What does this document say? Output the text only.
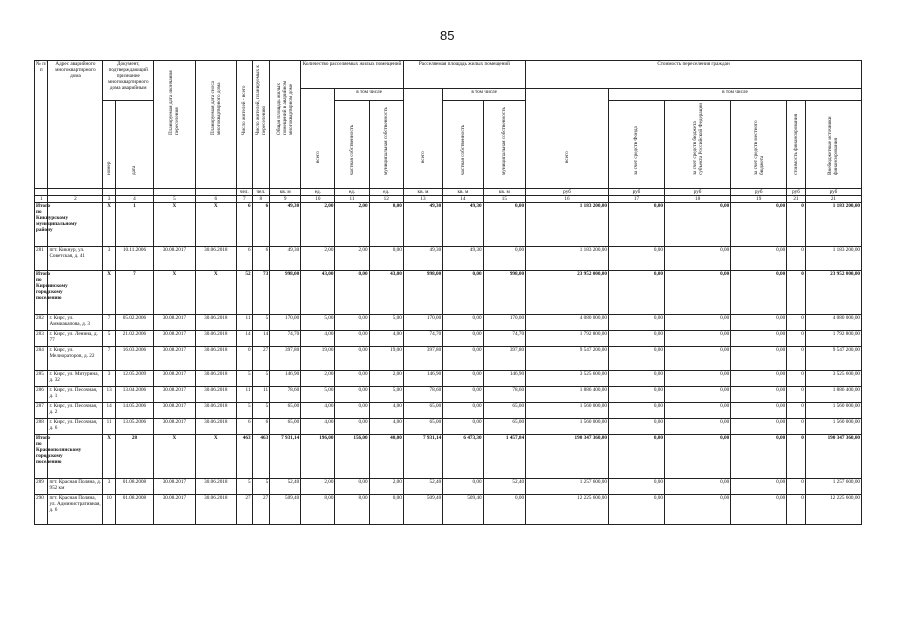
85
№ п/п	Адрес аварийного многоквартирного дома	Документ, подтверждающий признание многоквартирного дома аварийным		Планируемая дата окончания переселения	Планируемая дата сноса многоквартирного дома	Число жителей - всего	Число жителей, планируемых к переселению	Общая площадь жилых помещений в аварийном многоквартирном доме	Количество расселяемых жилых помещений			Расселяемая площадь жилых помещений			Стоимость переселения граждан					

									всего	в том числе		всего	в том числе		всего	в том числе				

		номер	дата							частная собственность	муниципальная собственность		частная собственность	муниципальная собственность		за счет средств Фонда	за счет средств бюджета субъекта Российской Федерации	за счет средств местного бюджета	стоимость финансирования	Внебюджетные источники финансирования

						чел.	чел.	кв. м	ед.	ед.	ед.	кв. м	кв. м	кв. м	руб	руб	руб	руб	руб	руб
1	2	3	4	5	6	7	8	9	10	11	12	13	14	15	16	17	18	19	21	21
Итого по Кикнурскому муниципальному району		Х	1	Х	Х	6	6	49,30	2,00	2,00	0,00	49,30	49,30	0,00	1 183 200,00	0,00	0,00	0,00	0	1 183 200,00
281	пгт. Кикнур, ул. Советская, д. 41	3	10.11.2006	30.08.2017	30.06.2018	6	6	49,30	2,00	2,00	0,00	49,30	49,30	0,00	1 183 200,00	0,00	0,00	0,00	0	1 183 200,00
Итого по Кирсинскому городскому поселению		Х	7	Х	Х	52	73	998,00	43,00	0,00	43,00	998,00	0,00	998,00	23 952 000,00	0,00	0,00	0,00	0	23 952 000,00
282	г. Кирс, ул. Аммиакапова, д. 3	7	05.02.2006	30.08.2017	30.06.2018	11	5	170,00	5,00	0,00	5,00	170,00	0,00	170,00	4 080 000,00	0,00	0,00	0,00	0	4 080 000,00
283	г. Кирс, ул. Ленина, д. 77	5	21.02.2006	30.08.2017	30.06.2018	14	14	74,70	4,00	0,00	4,00	74,70	0,00	74,70	1 792 800,00	0,00	0,00	0,00	0	1 792 800,00
284	г. Кирс, ул. Мелиораторов, д. 22	7	16.03.2006	30.08.2017	30.06.2018	0	27	397,80	19,00	0,00	19,00	397,80	0,00	397,80	9 547 200,00	0,00	0,00	0,00	0	9 547 200,00
285	г. Кирс, ул. Митурина, д. 32	3	12.05.2009	30.08.2017	30.06.2018	5	5	146,90	2,00	0,00	2,00	146,90	0,00	146,90	3 525 600,00	0,00	0,00	0,00	0	3 525 600,00
286	г. Кирс, ул. Песочная, д. 1	13	13.04.2006	30.08.2017	30.06.2018	11	11	78,60	5,00	0,00	5,00	78,60	0,00	78,60	1 886 400,00	0,00	0,00	0,00	0	1 886 400,00
287	г. Кирс, ул. Песочная, д. 2	14	14.05.2006	30.08.2017	30.06.2018	5	5	65,00	4,00	0,00	4,00	65,00	0,00	65,00	1 560 000,00	0,00	0,00	0,00	0	1 560 000,00
288	г. Кирс, ул. Песочная, д. 6	11	13.05.2006	30.08.2017	30.06.2018	6	6	65,00	4,00	0,00	4,00	65,00	0,00	65,00	1 560 000,00	0,00	0,00	0,00	0	1 560 000,00
Итого по Краснополянскому городскому поселению		Х	28	Х	Х	463	463	7 931,14	196,00	156,00	40,00	7 931,14	6 473,30	1 457,84	190 347 360,00	0,00	0,00	0,00	0	190 347 360,00
289	пгт. Красная Поляна, д. 952 км	3	01.08.2008	30.08.2017	30.06.2018	5	5	52,40	2,00	0,00	2,00	52,40	0,00	52,40	1 257 600,00	0,00	0,00	0,00	0	1 257 600,00
290	пгт. Красная Поляна, ул. Административная, д. 6	10	01.08.2008	30.08.2017	30.06.2018	27	27	509,40	8,00	8,00	0,00	509,40	509,40	0,00	12 225 600,00	0,00	0,00	0,00	0	12 225 600,00
